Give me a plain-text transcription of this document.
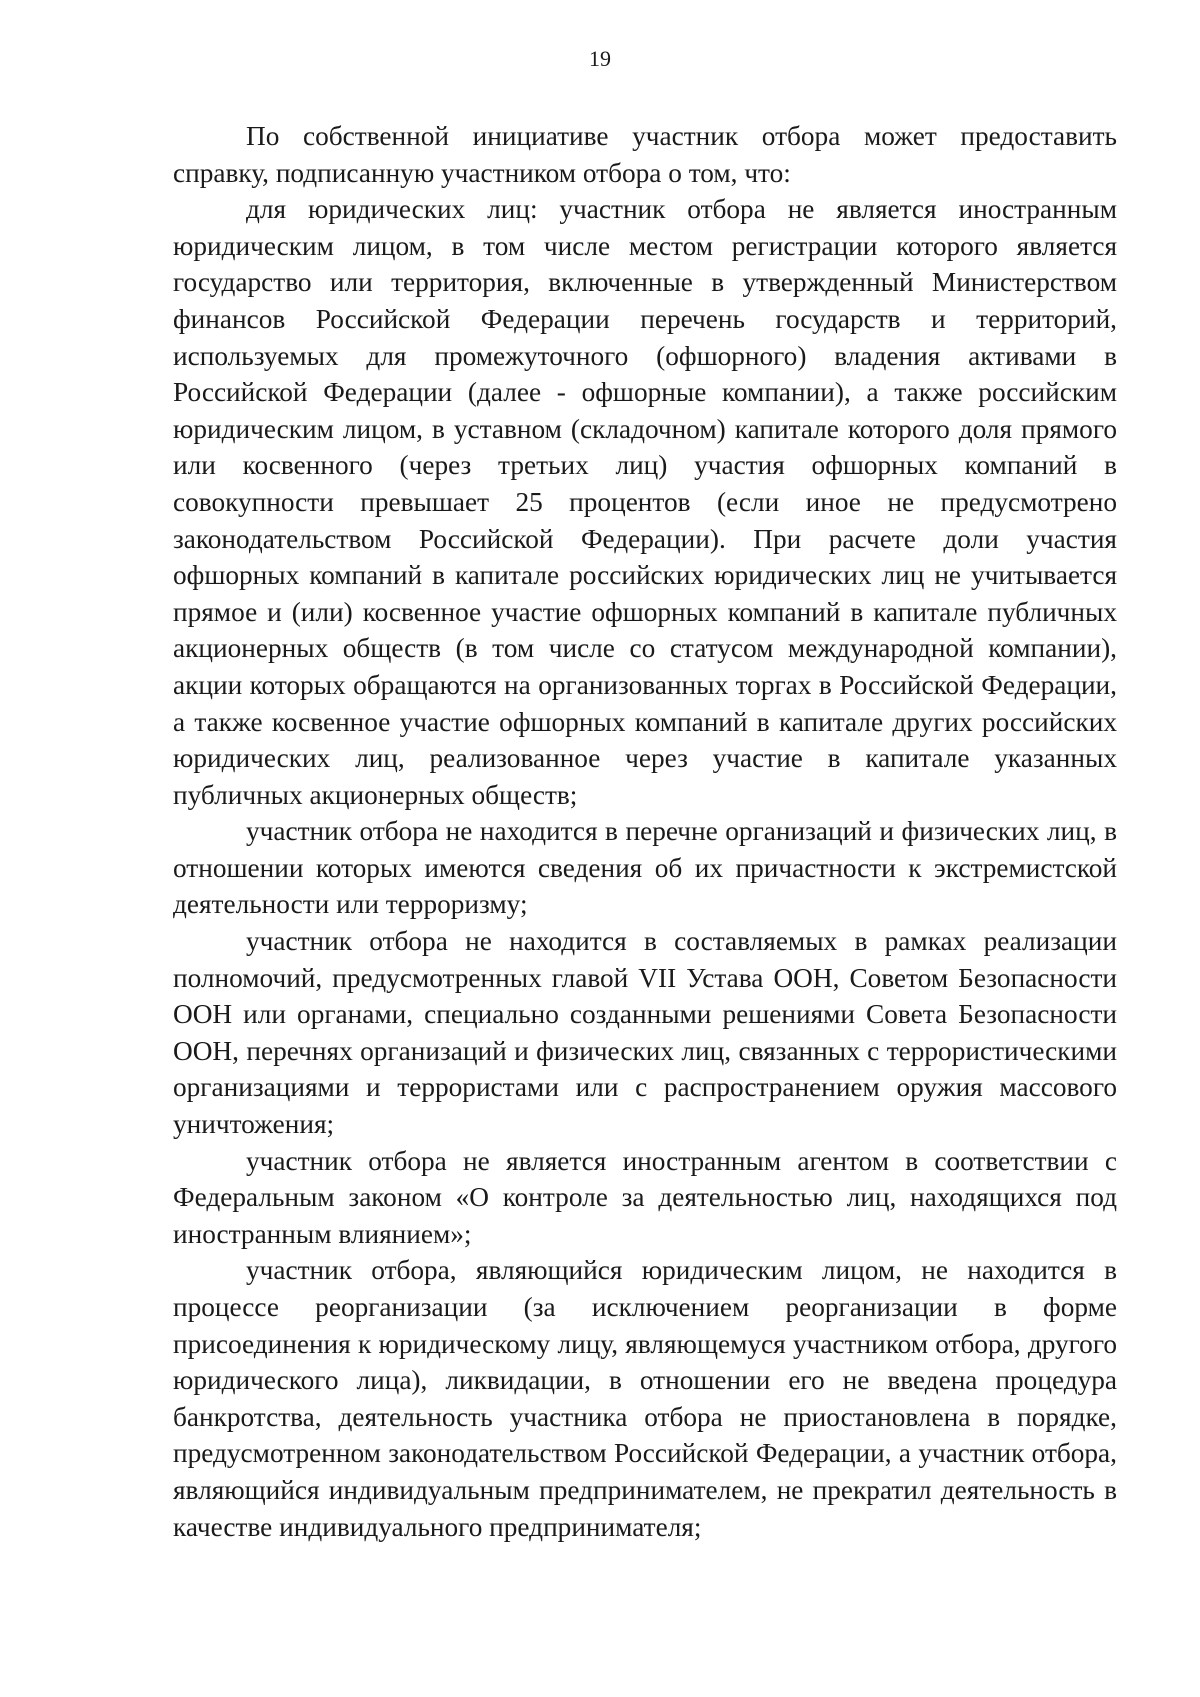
19

По собственной инициативе участник отбора может предоставить справку, подписанную участником отбора о том, что:

для юридических лиц: участник отбора не является иностранным юридическим лицом, в том числе местом регистрации которого является государство или территория, включенные в утвержденный Министерством финансов Российской Федерации перечень государств и территорий, используемых для промежуточного (офшорного) владения активами в Российской Федерации (далее - офшорные компании), а также российским юридическим лицом, в уставном (складочном) капитале которого доля прямого или косвенного (через третьих лиц) участия офшорных компаний в совокупности превышает 25 процентов (если иное не предусмотрено законодательством Российской Федерации). При расчете доли участия офшорных компаний в капитале российских юридических лиц не учитывается прямое и (или) косвенное участие офшорных компаний в капитале публичных акционерных обществ (в том числе со статусом международной компании), акции которых обращаются на организованных торгах в Российской Федерации, а также косвенное участие офшорных компаний в капитале других российских юридических лиц, реализованное через участие в капитале указанных публичных акционерных обществ;

участник отбора не находится в перечне организаций и физических лиц, в отношении которых имеются сведения об их причастности к экстремистской деятельности или терроризму;

участник отбора не находится в составляемых в рамках реализации полномочий, предусмотренных главой VII Устава ООН, Советом Безопасности ООН или органами, специально созданными решениями Совета Безопасности ООН, перечнях организаций и физических лиц, связанных с террористическими организациями и террористами или с распространением оружия массового уничтожения;

участник отбора не является иностранным агентом в соответствии с Федеральным законом «О контроле за деятельностью лиц, находящихся под иностранным влиянием»;

участник отбора, являющийся юридическим лицом, не находится в процессе реорганизации (за исключением реорганизации в форме присоединения к юридическому лицу, являющемуся участником отбора, другого юридического лица), ликвидации, в отношении его не введена процедура банкротства, деятельность участника отбора не приостановлена в порядке, предусмотренном законодательством Российской Федерации, а участник отбора, являющийся индивидуальным предпринимателем, не прекратил деятельность в качестве индивидуального предпринимателя;
